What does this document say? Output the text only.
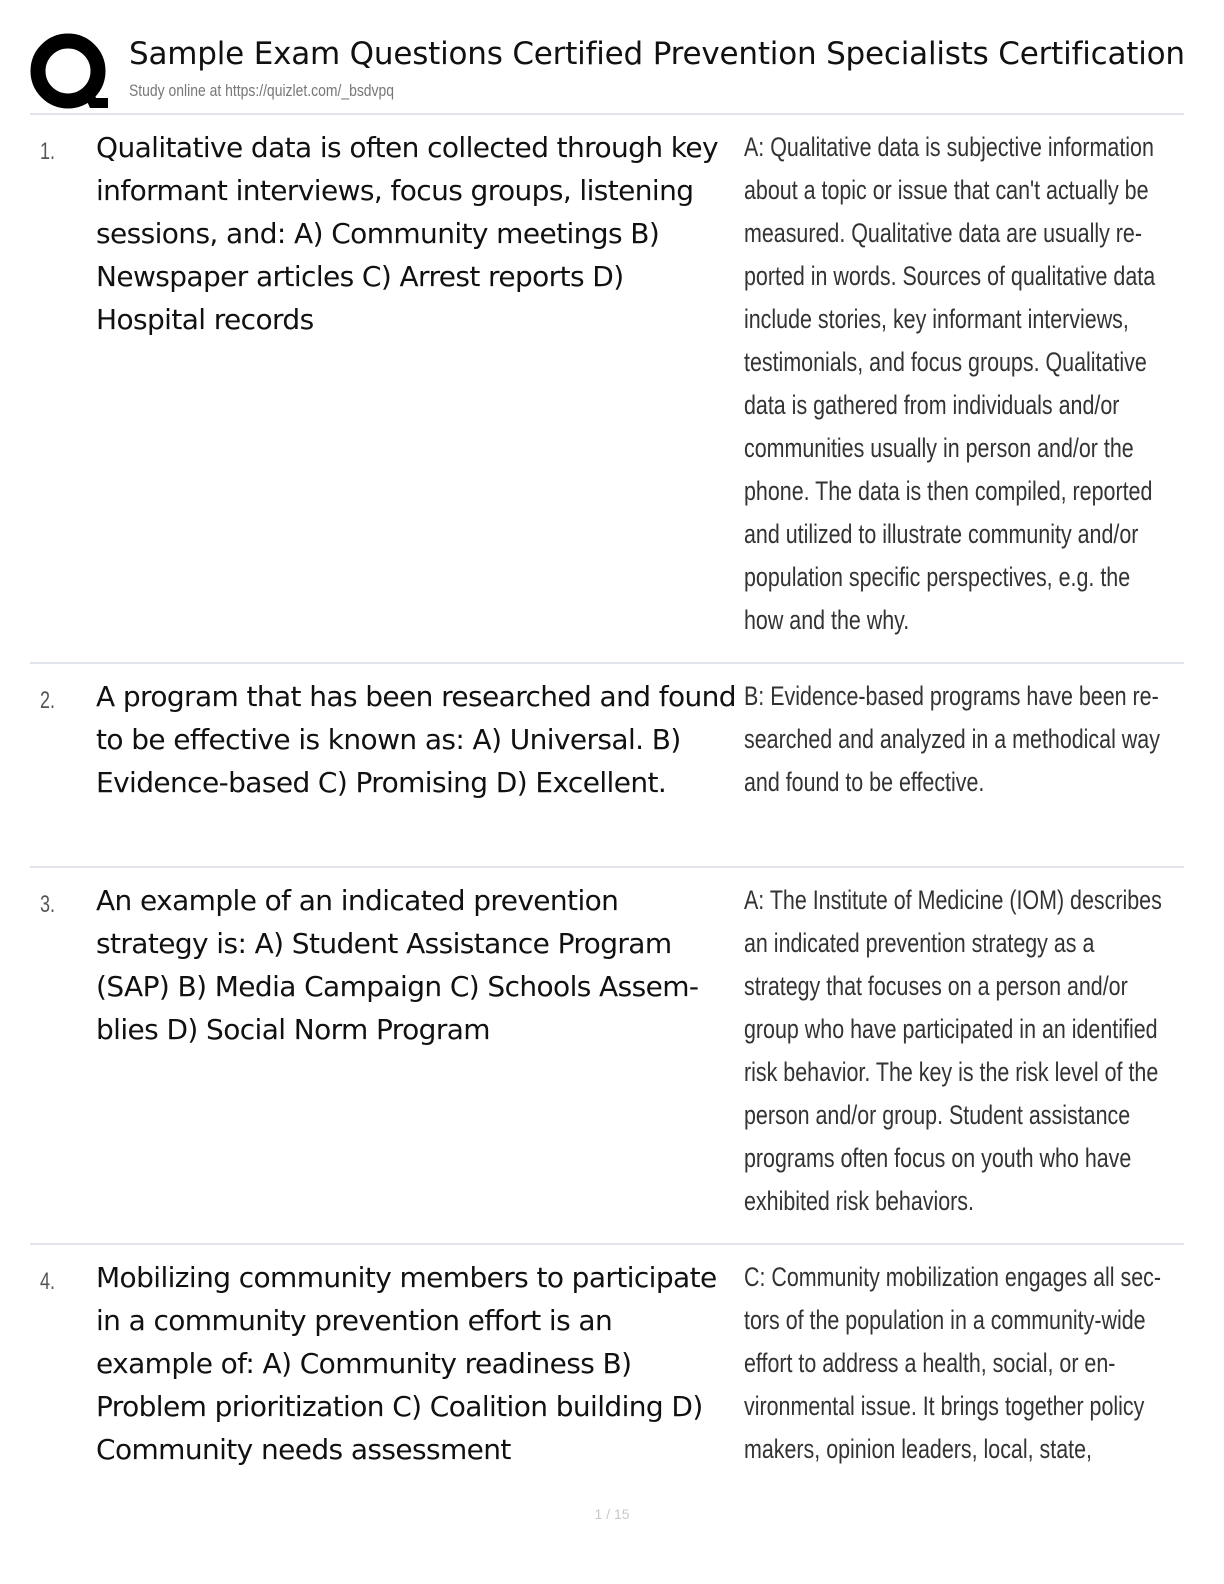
Sample Exam Questions Certified Prevention Specialists Certification
Study online at https://quizlet.com/_bsdvpq
1. Qualitative data is often collected through key informant interviews, focus groups, listening sessions, and: A) Community meetings B) Newspaper articles C) Arrest reports D) Hospital records
A: Qualitative data is subjective information about a topic or issue that can't actually be measured. Qualitative data are usually reported in words. Sources of qualitative data include stories, key informant interviews, testimonials, and focus groups. Qualitative data is gathered from individuals and/or communities usually in person and/or the phone. The data is then compiled, reported and utilized to illustrate community and/or population specific perspectives, e.g. the how and the why.
2. A program that has been researched and found to be effective is known as: A) Universal. B) Evidence-based C) Promising D) Excellent.
B: Evidence-based programs have been researched and analyzed in a methodical way and found to be effective.
3. An example of an indicated prevention strategy is: A) Student Assistance Program (SAP) B) Media Campaign C) Schools Assemblies D) Social Norm Program
A: The Institute of Medicine (IOM) describes an indicated prevention strategy as a strategy that focuses on a person and/or group who have participated in an identified risk behavior. The key is the risk level of the person and/or group. Student assistance programs often focus on youth who have exhibited risk behaviors.
4. Mobilizing community members to participate in a community prevention effort is an example of: A) Community readiness B) Problem prioritization C) Coalition building D) Community needs assessment
C: Community mobilization engages all sectors of the population in a community-wide effort to address a health, social, or environmental issue. It brings together policy makers, opinion leaders, local, state,
1 / 15
